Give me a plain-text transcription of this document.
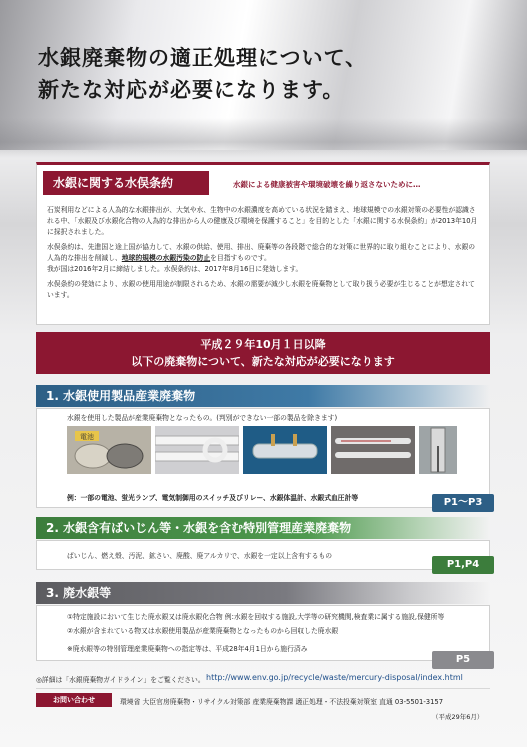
水銀廃棄物の適正処理について、
新たな対応が必要になります。
水銀に関する水俣条約	水銀による健康被害や環境破壊を繰り返さないために…

石炭利用などによる人為的な水銀排出が、大気や水、生物中の水銀濃度を高めている状況を踏まえ、地球規模での水銀対策の必要性が認識される中、「水銀及び水銀化合物の人為的な排出から人の健康及び環境を保護すること」を目的とした「水銀に関する水俣条約」が2013年10月に採択されました。

水俣条約は、先進国と途上国が協力して、水銀の供給、使用、排出、廃棄等の各段階で総合的な対策に世界的に取り組むことにより、水銀の人為的な排出を削減し、地球的規模の水銀汚染の防止を目指すものです。
我が国は2016年2月に締結しました。水俣条約は、2017年8月16日に発効します。

水俣条約の発効により、水銀の使用用途が制限されるため、水銀の需要が減少し水銀を廃棄物として取り扱う必要が生じることが想定されています。

平成２９年10月１日以降
以下の廃棄物について、新たな対応が必要になります
1. 水銀使用製品産業廃棄物
水銀を使用した製品が産業廃棄物となったもの。(判別ができない一部の製品を除きます)
電池
例：一部の電池、蛍光ランプ、電気制御用のスイッチ及びリレー、水銀体温計、水銀式血圧計等	P1〜P3
2. 水銀含有ばいじん等・水銀を含む特別管理産業廃棄物
ばいじん、燃え殻、汚泥、鉱さい、廃酸、廃アルカリで、水銀を一定以上含有するもの
P1,P4
3. 廃水銀等
①特定施設において生じた廃水銀又は廃水銀化合物 例:水銀を回収する施設,大学等の研究機関,検査業に属する施設,保健所等
②水銀が含まれている物又は水銀使用製品が産業廃棄物となったものから回収した廃水銀
※廃水銀等の特別管理産業廃棄物への指定等は、平成28年4月1日から施行済み
P5
◎詳細は「水銀廃棄物ガイドライン」をご覧ください。 http://www.env.go.jp/recycle/waste/mercury-disposal/index.html
お問い合わせ	環境省 大臣官房廃棄物・リサイクル対策部 産業廃棄物課 適正処理・不法投棄対策室 直通 03-5501-3157
（平成29年6月）
